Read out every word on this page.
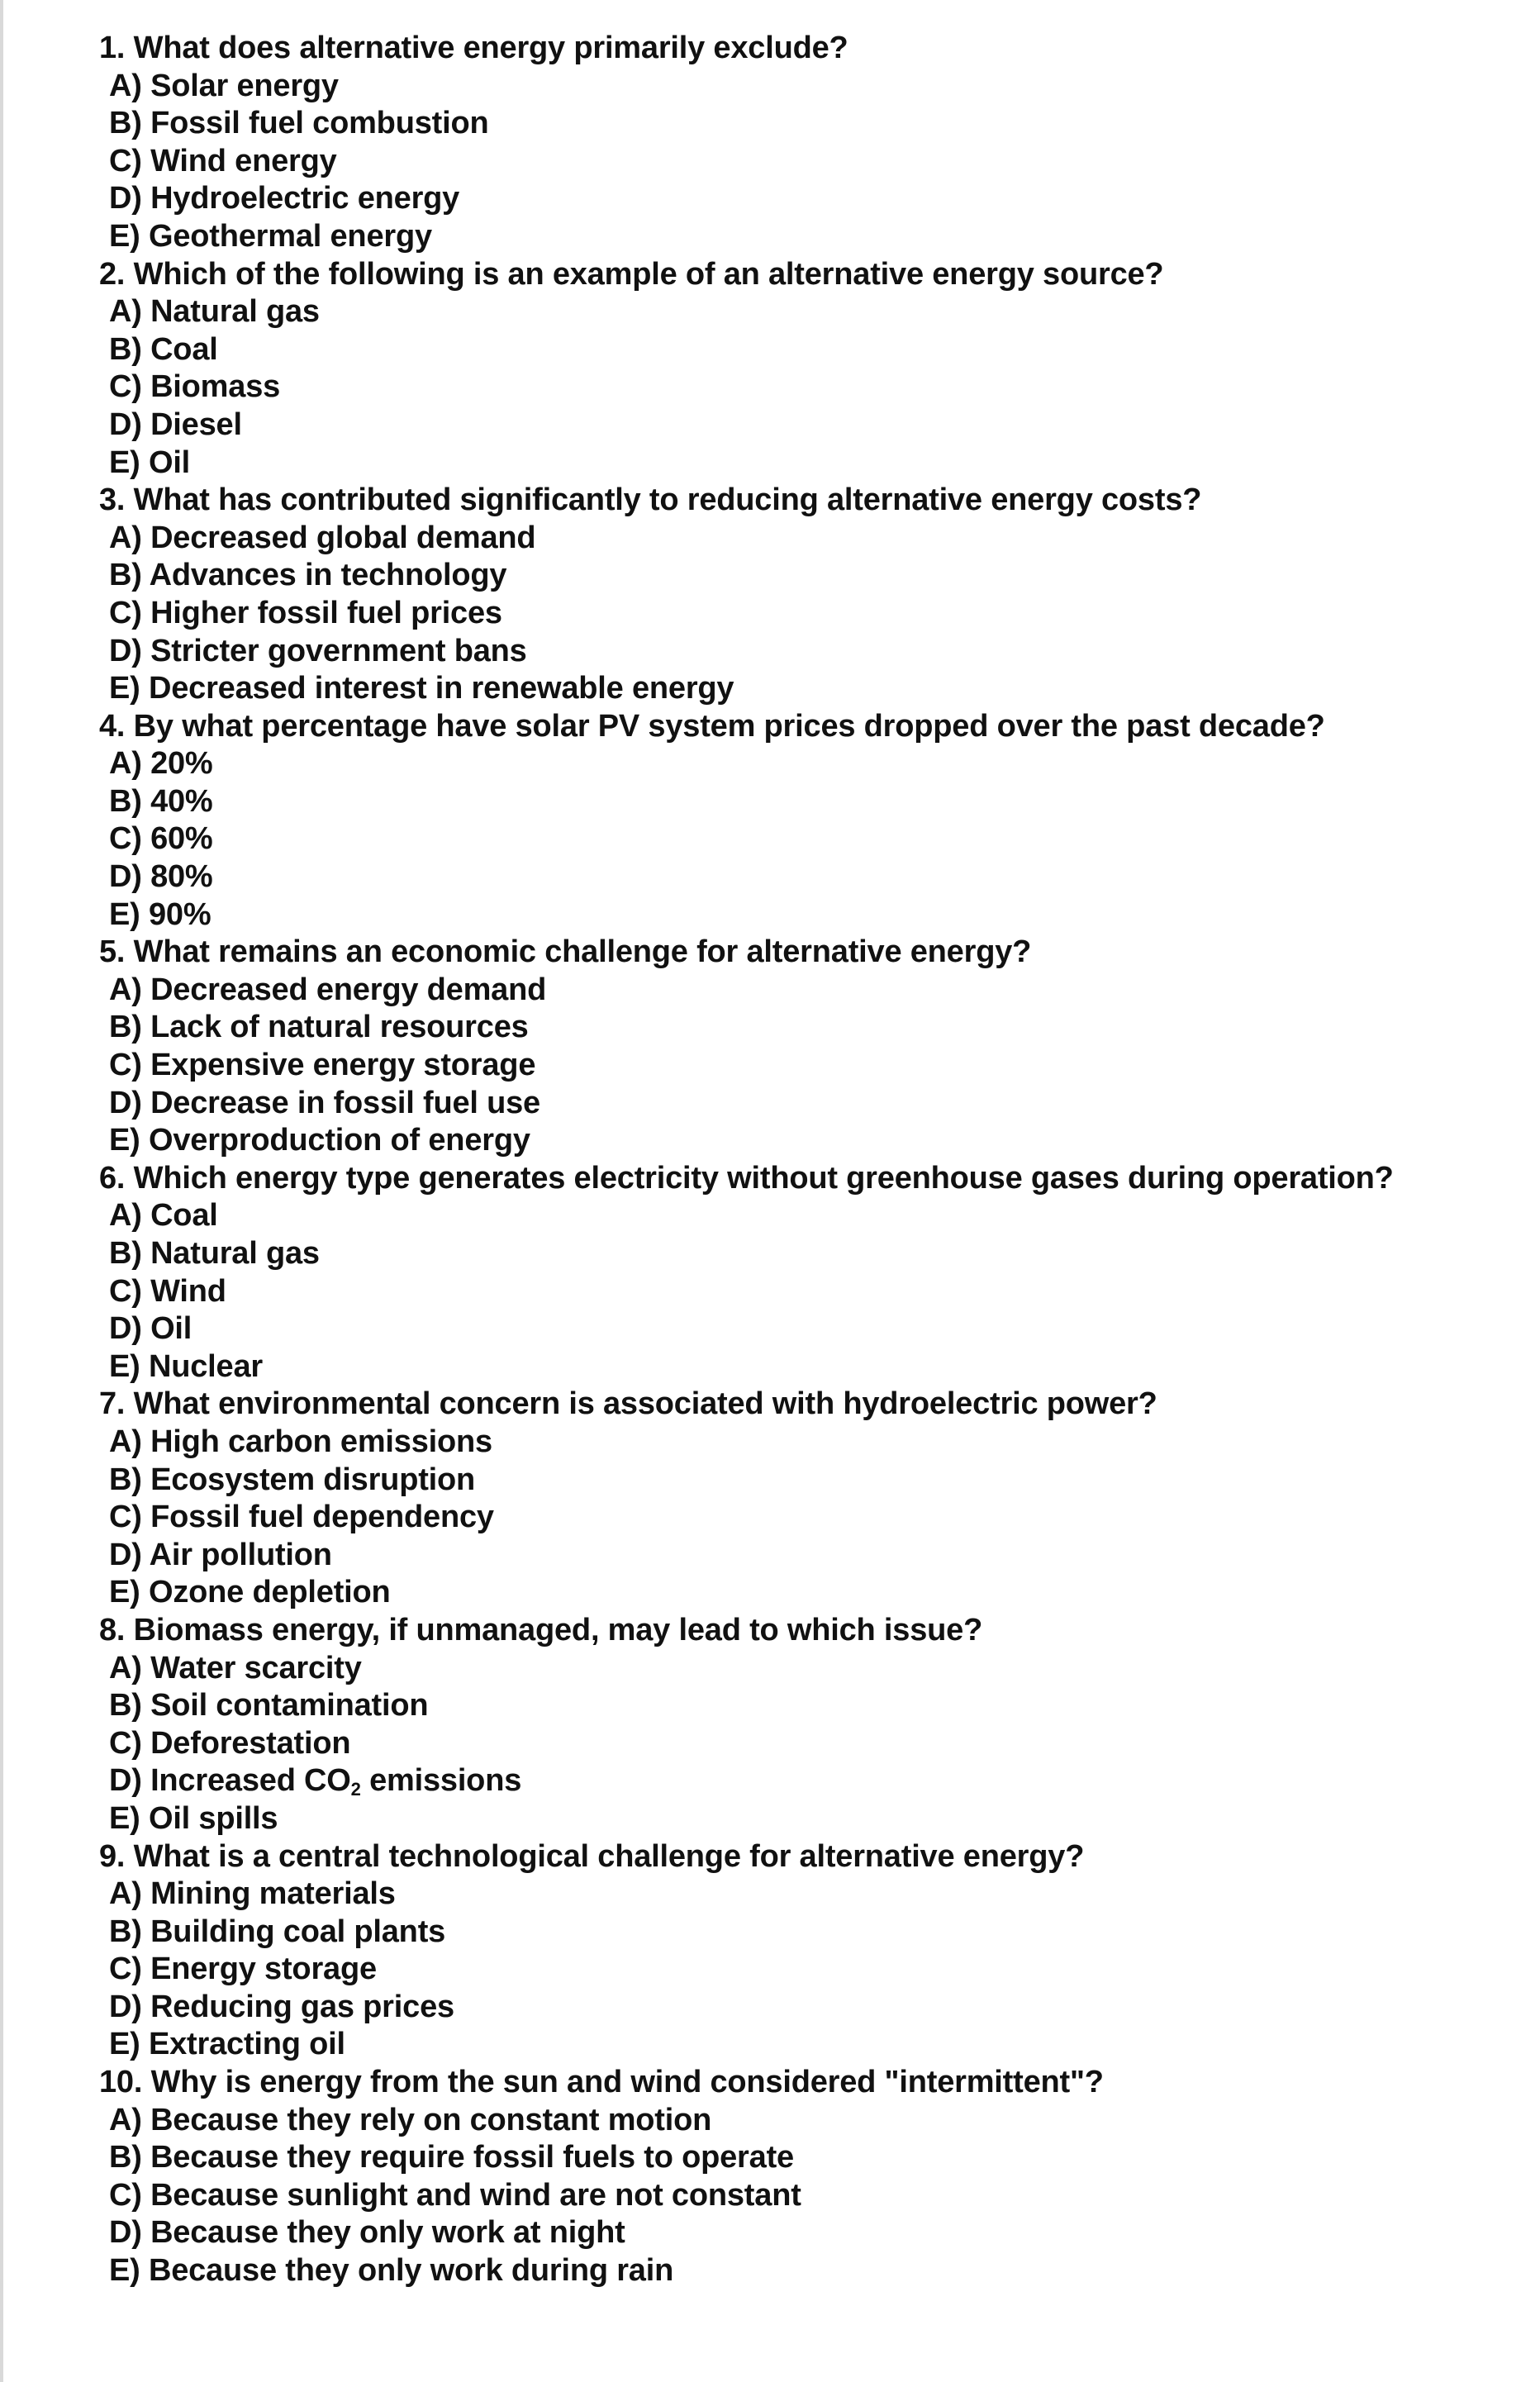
1. What does alternative energy primarily exclude?
A) Solar energy
B) Fossil fuel combustion
C) Wind energy
D) Hydroelectric energy
E) Geothermal energy
2. Which of the following is an example of an alternative energy source?
A) Natural gas
B) Coal
C) Biomass
D) Diesel
E) Oil
3. What has contributed significantly to reducing alternative energy costs?
A) Decreased global demand
B) Advances in technology
C) Higher fossil fuel prices
D) Stricter government bans
E) Decreased interest in renewable energy
4. By what percentage have solar PV system prices dropped over the past decade?
A) 20%
B) 40%
C) 60%
D) 80%
E) 90%
5. What remains an economic challenge for alternative energy?
A) Decreased energy demand
B) Lack of natural resources
C) Expensive energy storage
D) Decrease in fossil fuel use
E) Overproduction of energy
6. Which energy type generates electricity without greenhouse gases during operation?
A) Coal
B) Natural gas
C) Wind
D) Oil
E) Nuclear
7. What environmental concern is associated with hydroelectric power?
A) High carbon emissions
B) Ecosystem disruption
C) Fossil fuel dependency
D) Air pollution
E) Ozone depletion
8. Biomass energy, if unmanaged, may lead to which issue?
A) Water scarcity
B) Soil contamination
C) Deforestation
D) Increased $CO_2$ emissions
E) Oil spills
9. What is a central technological challenge for alternative energy?
A) Mining materials
B) Building coal plants
C) Energy storage
D) Reducing gas prices
E) Extracting oil
10. Why is energy from the sun and wind considered "intermittent"?
A) Because they rely on constant motion
B) Because they require fossil fuels to operate
C) Because sunlight and wind are not constant
D) Because they only work at night
E) Because they only work during rain
